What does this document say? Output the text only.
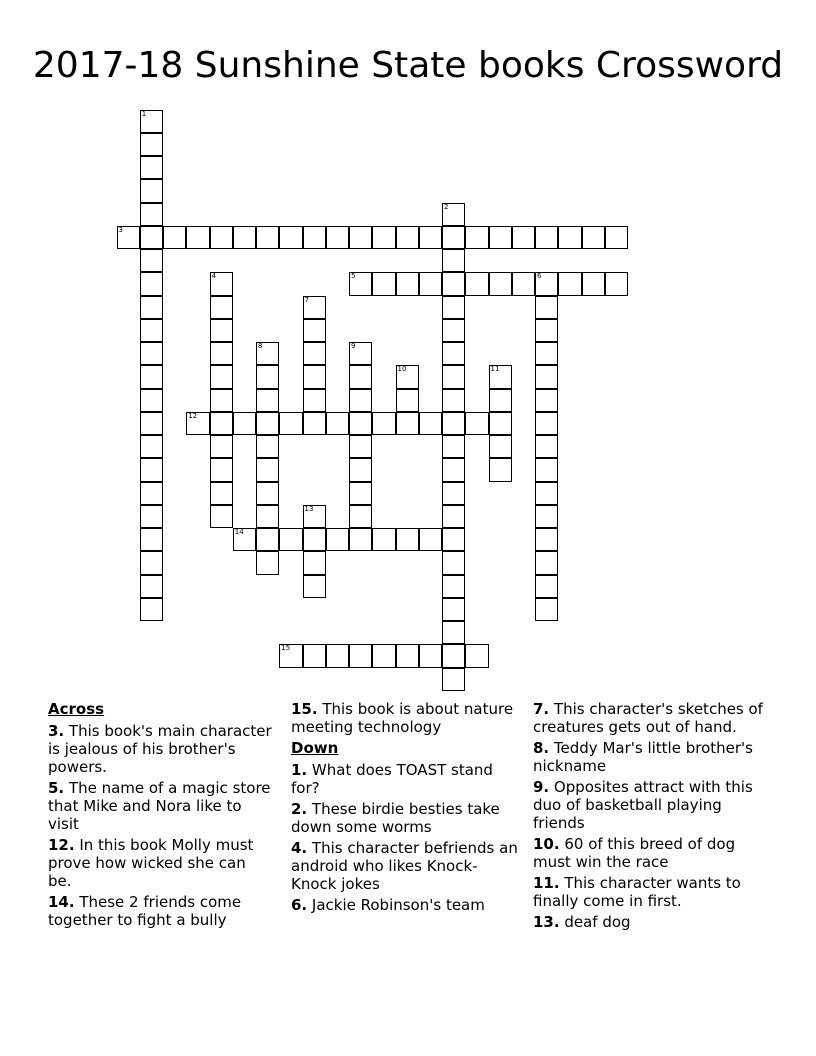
2017-18 Sunshine State books Crossword
1
2
3
4	5	6
7
8	9
10	11
12
13
14
15
Across
3. This book's main character is jealous of his brother's powers.
5. The name of a magic store that Mike and Nora like to visit
12. In this book Molly must prove how wicked she can be.
14. These 2 friends come together to fight a bully
15. This book is about nature meeting technology
Down
1. What does TOAST stand for?
2. These birdie besties take down some worms
4. This character befriends an android who likes Knock-Knock jokes
6. Jackie Robinson's team
7. This character's sketches of creatures gets out of hand.
8. Teddy Mar's little brother's nickname
9. Opposites attract with this duo of basketball playing friends
10. 60 of this breed of dog must win the race
11. This character wants to finally come in first.
13. deaf dog
